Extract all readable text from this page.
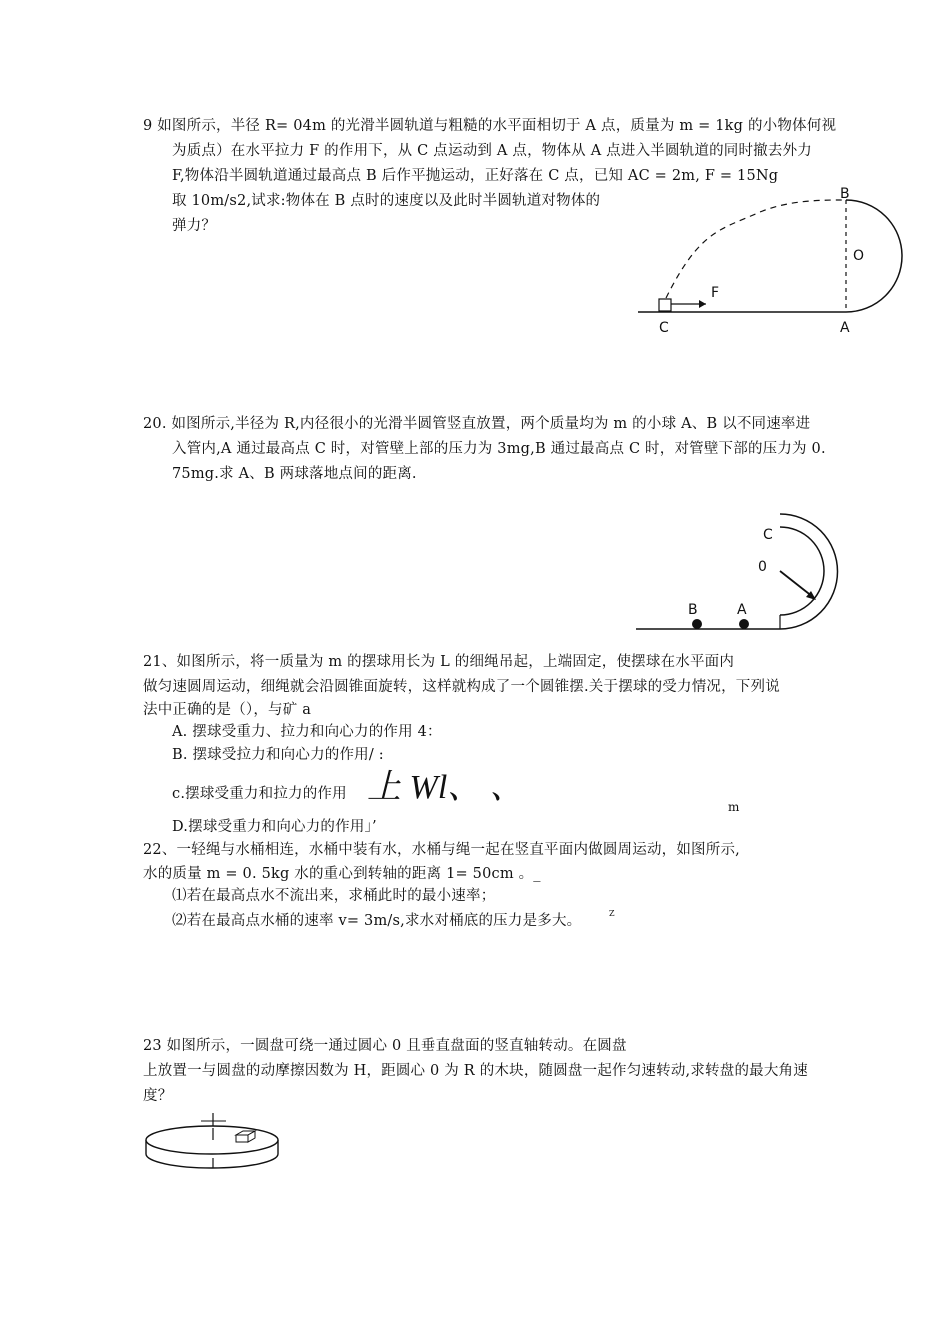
9 如图所示，半径 R= 04m 的光滑半圆轨道与粗糙的水平面相切于 A 点，质量为 m = 1kg 的小物体何视
为质点）在水平拉力 F 的作用下，从 C 点运动到 A 点，物体从 A 点进入半圆轨道的同时撤去外力
F,物体沿半圆轨道通过最高点 B 后作平抛运动，正好落在 C 点，已知 AC = 2m, F = 15Ng
取 10m/s2,试求:物体在 B 点时的速度以及此时半圆轨道对物体的
弹力？
B
O
F
C	A
20. 如图所示,半径为 R,内径很小的光滑半圆管竖直放置，两个质量均为 m 的小球 A、B 以不同速率进
入管内,A 通过最高点 C 时，对管壁上部的压力为 3mg,B 通过最高点 C 时，对管壁下部的压力为 0.
75mg.求 A、B 两球落地点间的距离.
C
0
B	A
21、如图所示，将一质量为 m 的摆球用长为 L 的细绳吊起，上端固定，使摆球在水平面内
做匀速圆周运动，细绳就会沿圆锥面旋转，这样就构成了一个圆锥摆.关于摆球的受力情况，下列说
法中正确的是（），与矿 a
A. 摆球受重力、拉力和向心力的作用 4：
B. 摆球受拉力和向心力的作用/ :
c.摆球受重力和拉力的作用 上 Wl、 、
m
D.摆球受重力和向心力的作用」’
22、一轻绳与水桶相连，水桶中装有水，水桶与绳一起在竖直平面内做圆周运动，如图所示,
水的质量 m = 0. 5kg 水的重心到转轴的距离 1= 50cm 。_
⑴若在最高点水不流出来，求桶此时的最小速率；
⑵若在最高点水桶的速率 v= 3m/s,求水对桶底的压力是多大。	Z
23 如图所示，一圆盘可绕一通过圆心 0 且垂直盘面的竖直轴转动。在圆盘
上放置一与圆盘的动摩擦因数为 H，距圆心 0 为 R 的木块，随圆盘一起作匀速转动,求转盘的最大角速
度？
